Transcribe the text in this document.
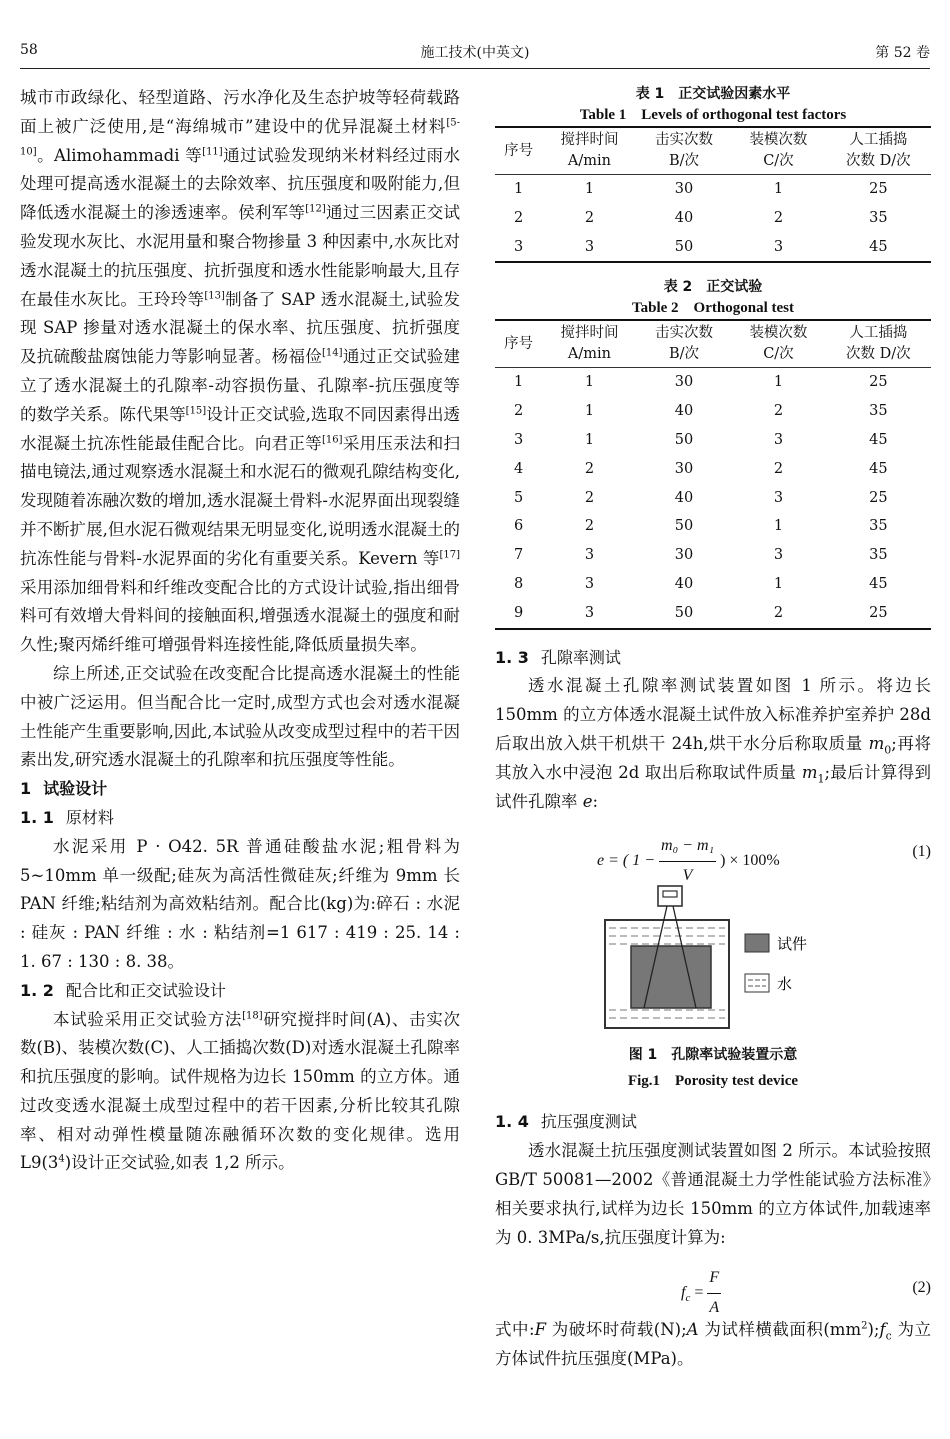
58	施工技术(中英文)	第 52 卷

城市市政绿化、轻型道路、污水净化及生态护坡等轻荷载路面上被广泛使用,是“海绵城市”建设中的优异混凝土材料[5-10]。Alimohammadi 等[11]通过试验发现纳米材料经过雨水处理可提高透水混凝土的去除效率、抗压强度和吸附能力,但降低透水混凝土的渗透速率。侯利军等[12]通过三因素正交试验发现水灰比、水泥用量和聚合物掺量 3 种因素中,水灰比对透水混凝土的抗压强度、抗折强度和透水性能影响最大,且存在最佳水灰比。王玲玲等[13]制备了 SAP 透水混凝土,试验发现 SAP 掺量对透水混凝土的保水率、抗压强度、抗折强度及抗硫酸盐腐蚀能力等影响显著。杨福俭[14]通过正交试验建立了透水混凝土的孔隙率-动容损伤量、孔隙率-抗压强度等的数学关系。陈代果等[15]设计正交试验,选取不同因素得出透水混凝土抗冻性能最佳配合比。向君正等[16]采用压汞法和扫描电镜法,通过观察透水混凝土和水泥石的微观孔隙结构变化,发现随着冻融次数的增加,透水混凝土骨料-水泥界面出现裂缝并不断扩展,但水泥石微观结果无明显变化,说明透水混凝土的抗冻性能与骨料-水泥界面的劣化有重要关系。Kevern 等[17]采用添加细骨料和纤维改变配合比的方式设计试验,指出细骨料可有效增大骨料间的接触面积,增强透水混凝土的强度和耐久性;聚丙烯纤维可增强骨料连接性能,降低质量损失率。

综上所述,正交试验在改变配合比提高透水混凝土的性能中被广泛运用。但当配合比一定时,成型方式也会对透水混凝土性能产生重要影响,因此,本试验从改变成型过程中的若干因素出发,研究透水混凝土的孔隙率和抗压强度等性能。

1 试验设计

1. 1 原材料

水泥采用 P · O42. 5R 普通硅酸盐水泥;粗骨料为 5~10mm 单一级配;硅灰为高活性微硅灰;纤维为 9mm 长 PAN 纤维;粘结剂为高效粘结剂。配合比(kg)为:碎石 : 水泥 : 硅灰 : PAN 纤维 : 水 : 粘结剂=1 617 : 419 : 25. 14 : 1. 67 : 130 : 8. 38。

1. 2 配合比和正交试验设计

本试验采用正交试验方法[18]研究搅拌时间(A)、击实次数(B)、装模次数(C)、人工插捣次数(D)对透水混凝土孔隙率和抗压强度的影响。试件规格为边长 150mm 的立方体。通过改变透水混凝土成型过程中的若干因素,分析比较其孔隙率、相对动弹性模量随冻融循环次数的变化规律。选用 $L9(3^4)$设计正交试验,如表 1,2 所示。

表 1　正交试验因素水平
Table 1　Levels of orthogonal test factors
序号	搅拌时间	击实次数	装模次数	人工插捣
	A/min	B/次	C/次	次数 D/次
1	1	30	1	25
2	2	40	2	35
3	3	50	3	45
表 2　正交试验
Table 2　Orthogonal test
序号	搅拌时间	击实次数	装模次数	人工插捣
	A/min	B/次	C/次	次数 D/次
1	1	30	1	25
2	1	40	2	35
3	1	50	3	45
4	2	30	2	45
5	2	40	3	25
6	2	50	1	35
7	3	30	3	35
8	3	40	1	45
9	3	50	2	25

1. 3 孔隙率测试

透水混凝土孔隙率测试装置如图 1 所示。将边长 150mm 的立方体透水混凝土试件放入标准养护室养护 28d 后取出放入烘干机烘干 24h,烘干水分后称取质量 $m_0$;再将其放入水中浸泡 2d 取出后称取试件质量 $m_1$;最后计算得到试件孔隙率 e:

e = ( $1 - \frac{\text{m₀ − m₁}}{V}$ ) × 100%
(1)
试件
水
图 1　孔隙率试验装置示意
Fig.1　Porosity test device

1. 4 抗压强度测试

透水混凝土抗压强度测试装置如图 2 所示。本试验按照 GB/T 50081—2002《普通混凝土力学性能试验方法标准》相关要求执行,试样为边长 150mm 的立方体试件,加载速率为 0. 3MPa/s,抗压强度计算为:

$f_c = \frac{F}{A}$	(2)

式中:F 为破坏时荷载(N);A 为试样横截面积$(mm^2);f_c$ 为立方体试件抗压强度(MPa)。
